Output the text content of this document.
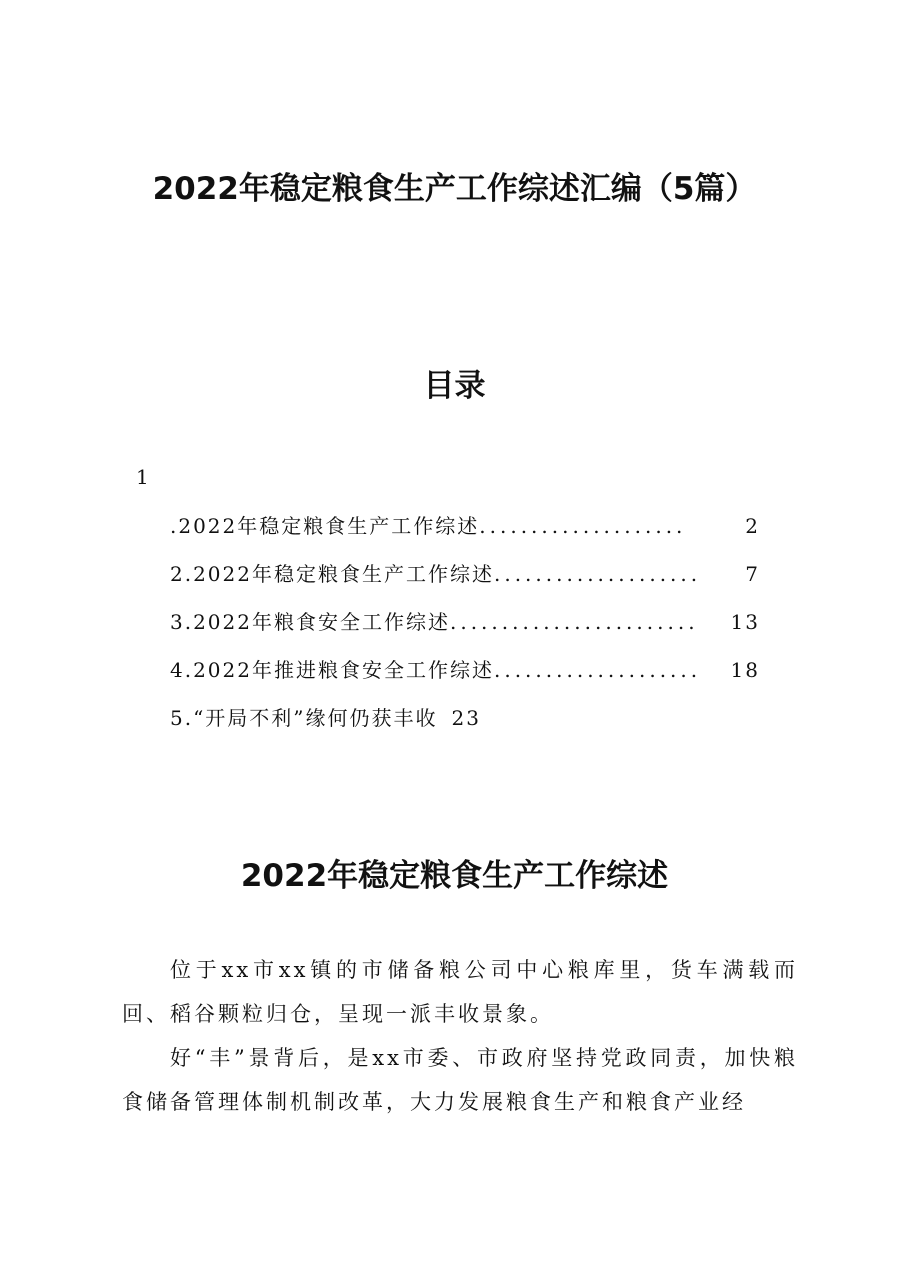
2022年稳定粮食生产工作综述汇编（5篇）
目录
1
.2022年稳定粮食生产工作综述 ....................	2
2.2022年稳定粮食生产工作综述 ....................	7
3.2022年粮食安全工作综述 ........................	13
4.2022年推进粮食安全工作综述 ....................	18
5.“开局不利”缘何仍获丰收 23
2022年稳定粮食生产工作综述

位于xx市xx镇的市储备粮公司中心粮库里，货车满载而回、稻谷颗粒归仓，呈现一派丰收景象。

好“丰”景背后，是xx市委、市政府坚持党政同责，加快粮食储备管理体制机制改革，大力发展粮食生产和粮食产业经
